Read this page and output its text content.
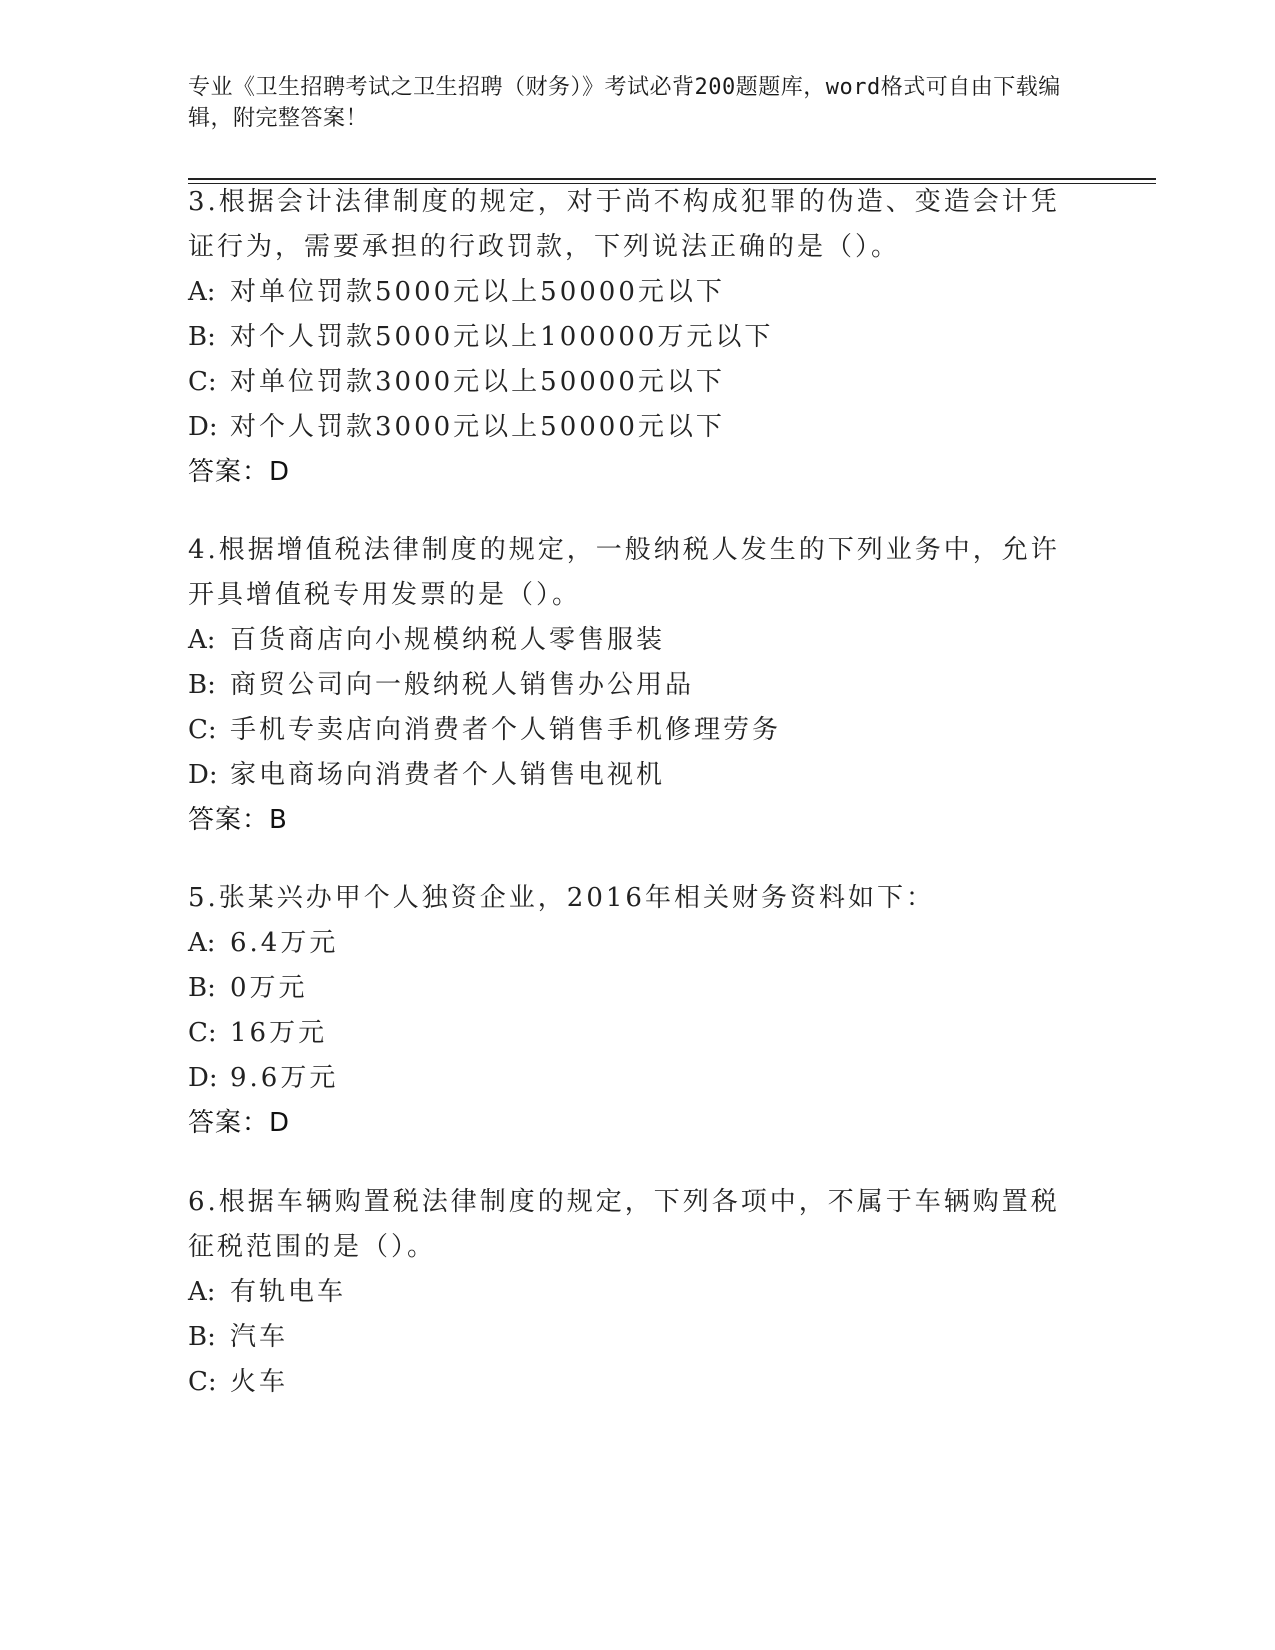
专业《卫生招聘考试之卫生招聘（财务）》考试必背200题题库，word格式可自由下载编辑，附完整答案！

3.根据会计法律制度的规定，对于尚不构成犯罪的伪造、变造会计凭证行为，需要承担的行政罚款，下列说法正确的是（）。

A: 对单位罚款5000元以上50000元以下

B: 对个人罚款5000元以上100000万元以下

C: 对单位罚款3000元以上50000元以下

D: 对个人罚款3000元以上50000元以下

答案：D

4.根据增值税法律制度的规定，一般纳税人发生的下列业务中，允许开具增值税专用发票的是（）。

A: 百货商店向小规模纳税人零售服装

B: 商贸公司向一般纳税人销售办公用品

C: 手机专卖店向消费者个人销售手机修理劳务

D: 家电商场向消费者个人销售电视机

答案：B

5.张某兴办甲个人独资企业，2016年相关财务资料如下：

A: 6.4万元

B: 0万元

C: 16万元

D: 9.6万元

答案：D

6.根据车辆购置税法律制度的规定，下列各项中，不属于车辆购置税征税范围的是（）。

A: 有轨电车

B: 汽车

C: 火车
